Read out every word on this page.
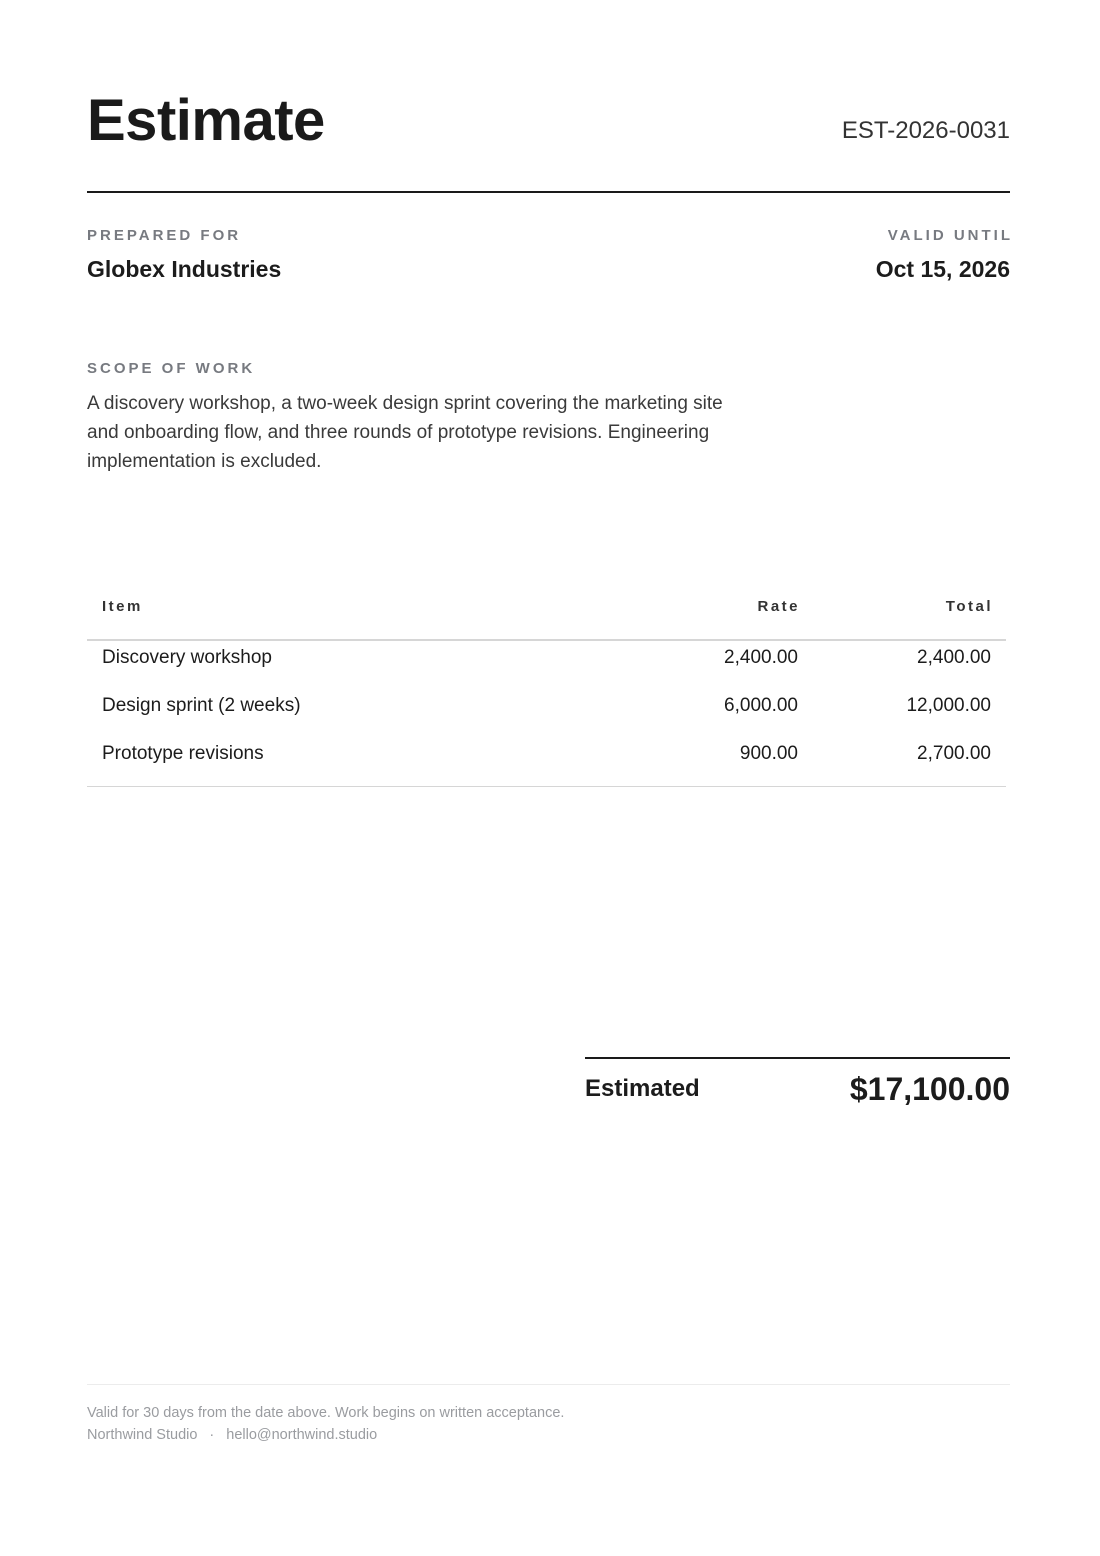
Estimate	EST-2026-0031
PREPARED FOR
Globex Industries
VALID UNTIL
Oct 15, 2026
SCOPE OF WORK
A discovery workshop, a two-week design sprint covering the marketing site and onboarding flow, and three rounds of prototype revisions. Engineering implementation is excluded.
Item	Rate	Total
Discovery workshop	2,400.00	2,400.00
Design sprint (2 weeks)	6,000.00	12,000.00
Prototype revisions	900.00	2,700.00
Estimated	$17,100.00
Valid for 30 days from the date above. Work begins on written acceptance.
Northwind Studio · hello@northwind.studio
